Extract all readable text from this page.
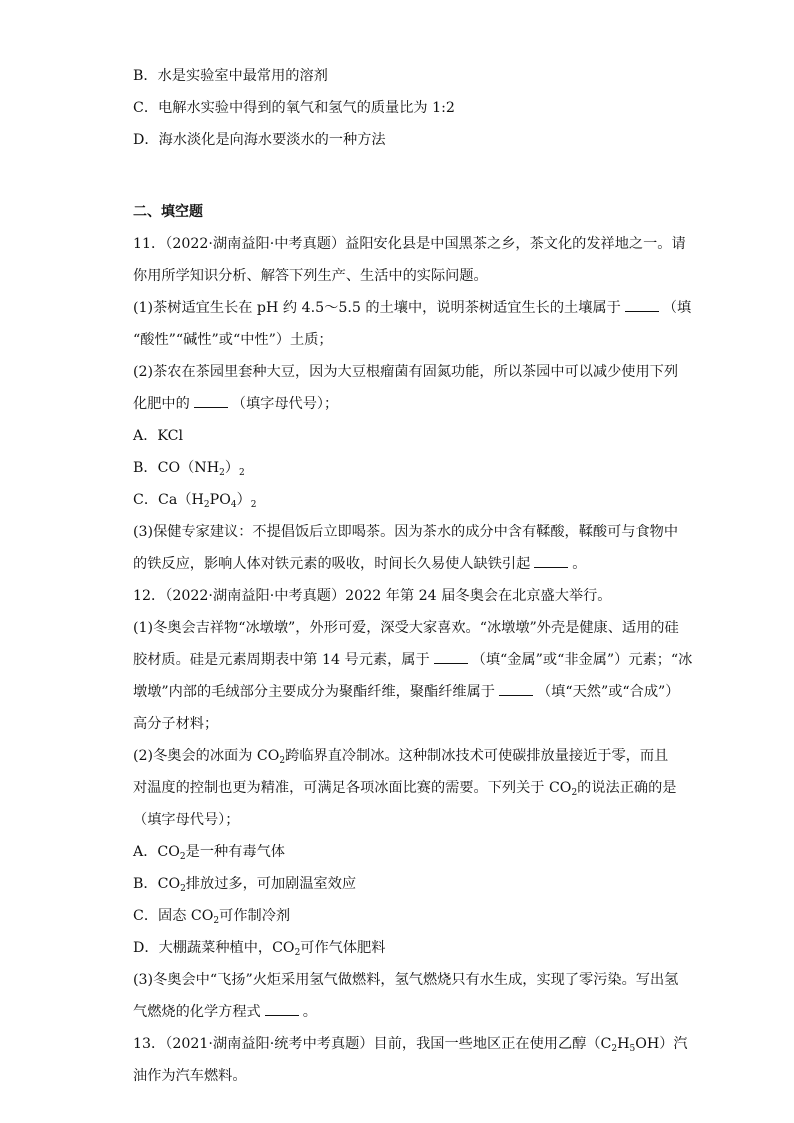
B．水是实验室中最常用的溶剂
C．电解水实验中得到的氧气和氢气的质量比为 1:2
D．海水淡化是向海水要淡水的一种方法
二、填空题
11．（2022·湖南益阳·中考真题）益阳安化县是中国黑茶之乡，茶文化的发祥地之一。请
你用所学知识分析、解答下列生产、生活中的实际问题。
(1)茶树适宜生长在 pH 约 4.5～5.5 的土壤中，说明茶树适宜生长的土壤属于	（填
“酸性”“碱性”或“中性”）土质；
(2)茶农在茶园里套种大豆，因为大豆根瘤菌有固氮功能，所以茶园中可以减少使用下列
化肥中的	（填字母代号）；
A．KCl
B．$CO(NH_2)_2$
C．$Ca(H_2PO_4)_2$
(3)保健专家建议：不提倡饭后立即喝茶。因为茶水的成分中含有鞣酸，鞣酸可与食物中
的铁反应，影响人体对铁元素的吸收，时间长久易使人缺铁引起	。
12．（2022·湖南益阳·中考真题）2022 年第 24 届冬奥会在北京盛大举行。
(1)冬奥会吉祥物“冰墩墩”，外形可爱，深受大家喜欢。“冰墩墩”外壳是健康、适用的硅
胶材质。硅是元素周期表中第 14 号元素，属于	（填“金属”或“非金属”）元素；“冰
墩墩”内部的毛绒部分主要成分为聚酯纤维，聚酯纤维属于	（填“天然”或“合成”）
高分子材料；
(2)冬奥会的冰面为 $CO_2$跨临界直冷制冰。这种制冰技术可使碳排放量接近于零，而且
对温度的控制也更为精准，可满足各项冰面比赛的需要。下列关于 $CO_2$的说法正确的是
（填字母代号）；
A．$CO_2$是一种有毒气体
B．$CO_2$排放过多，可加剧温室效应
C．固态 $CO_2$可作制冷剂
D．大棚蔬菜种植中，$CO_2$可作气体肥料
(3)冬奥会中“飞扬”火炬采用氢气做燃料，氢气燃烧只有水生成，实现了零污染。写出氢
气燃烧的化学方程式	。
13．（2021·湖南益阳·统考中考真题）目前，我国一些地区正在使用乙醇$(C_2H_5OH)$汽
油作为汽车燃料。
